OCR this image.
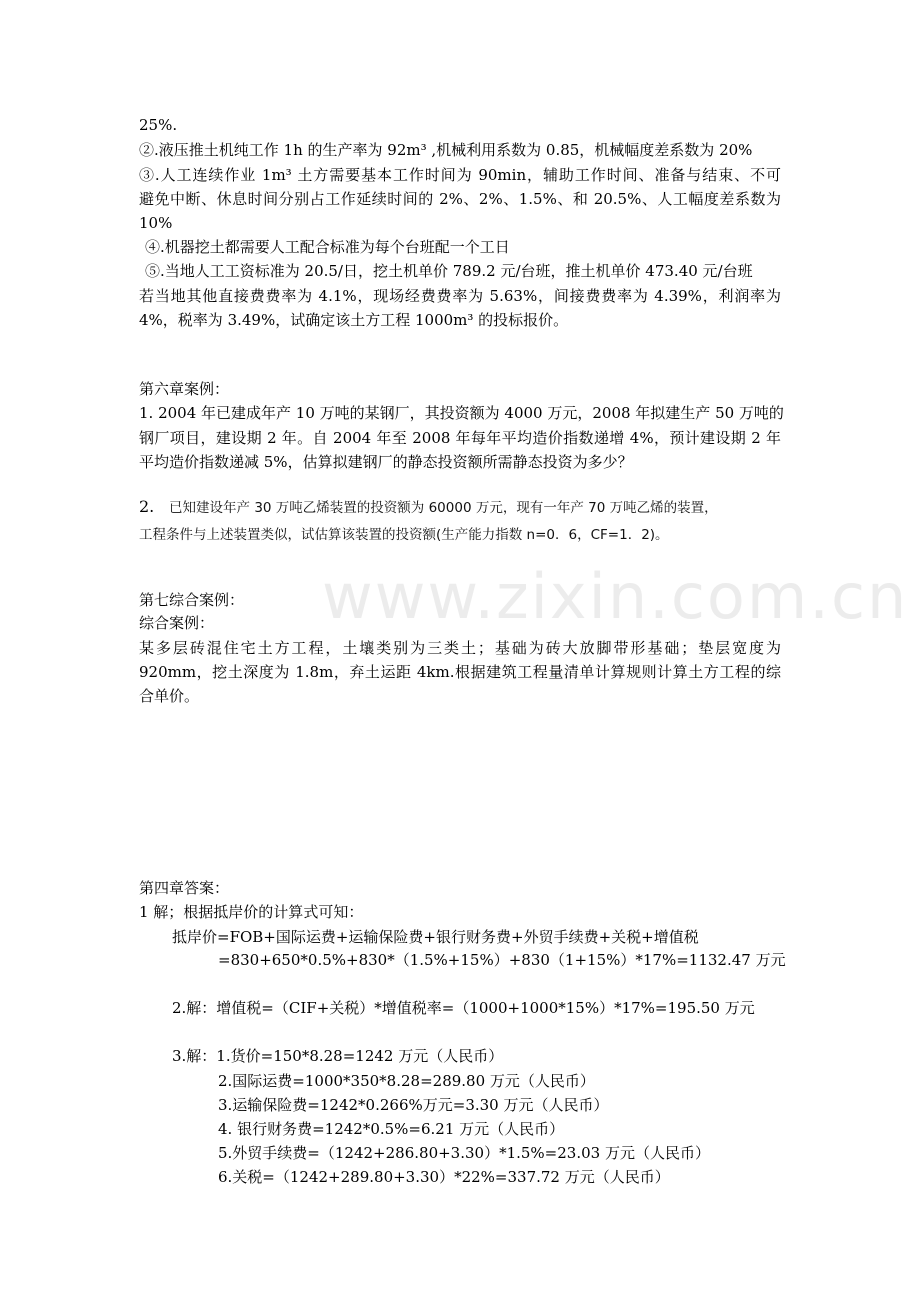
www.zixin.com.cn
25%.
②.液压推土机纯工作 1h 的生产率为 92m³ ,机械利用系数为 0.85，机械幅度差系数为 20%
③.人工连续作业 1m³ 土方需要基本工作时间为 90min，辅助工作时间、准备与结束、不可
避免中断、休息时间分别占工作延续时间的 2%、2%、1.5%、和 20.5%、人工幅度差系数为
10%
④.机器挖土都需要人工配合标准为每个台班配一个工日
⑤.当地人工工资标准为 20.5/日，挖土机单价 789.2 元/台班，推土机单价 473.40 元/台班
若当地其他直接费费率为 4.1%，现场经费费率为 5.63%，间接费费率为 4.39%，利润率为
4%，税率为 3.49%，试确定该土方工程 1000m³ 的投标报价。
第六章案例：
1. 2004 年已建成年产 10 万吨的某钢厂，其投资额为 4000 万元，2008 年拟建生产 50 万吨的
钢厂项目，建设期 2 年。自 2004 年至 2008 年每年平均造价指数递增 4%，预计建设期 2 年
平均造价指数递减 5%，估算拟建钢厂的静态投资额所需静态投资为多少？
2. 已知建设年产 30 万吨乙烯装置的投资额为 60000 万元，现有一年产 70 万吨乙烯的装置，
工程条件与上述装置类似，试估算该装置的投资额(生产能力指数 n=0．6，CF=1．2)。
第七综合案例：
综合案例：
某多层砖混住宅土方工程，土壤类别为三类土；基础为砖大放脚带形基础；垫层宽度为
920mm，挖土深度为 1.8m，弃土运距 4km.根据建筑工程量清单计算规则计算土方工程的综
合单价。
第四章答案：
1 解；根据抵岸价的计算式可知：
抵岸价=FOB+国际运费+运输保险费+银行财务费+外贸手续费+关税+增值税
=830+650*0.5%+830*（1.5%+15%）+830（1+15%）*17%=1132.47 万元
2.解：增值税=（CIF+关税）*增值税率=（1000+1000*15%）*17%=195.50 万元
3.解：1.货价=150*8.28=1242 万元（人民币）
2.国际运费=1000*350*8.28=289.80 万元（人民币）
3.运输保险费=1242*0.266%万元=3.30 万元（人民币）
4. 银行财务费=1242*0.5%=6.21 万元（人民币）
5.外贸手续费=（1242+286.80+3.30）*1.5%=23.03 万元（人民币）
6.关税=（1242+289.80+3.30）*22%=337.72 万元（人民币）
